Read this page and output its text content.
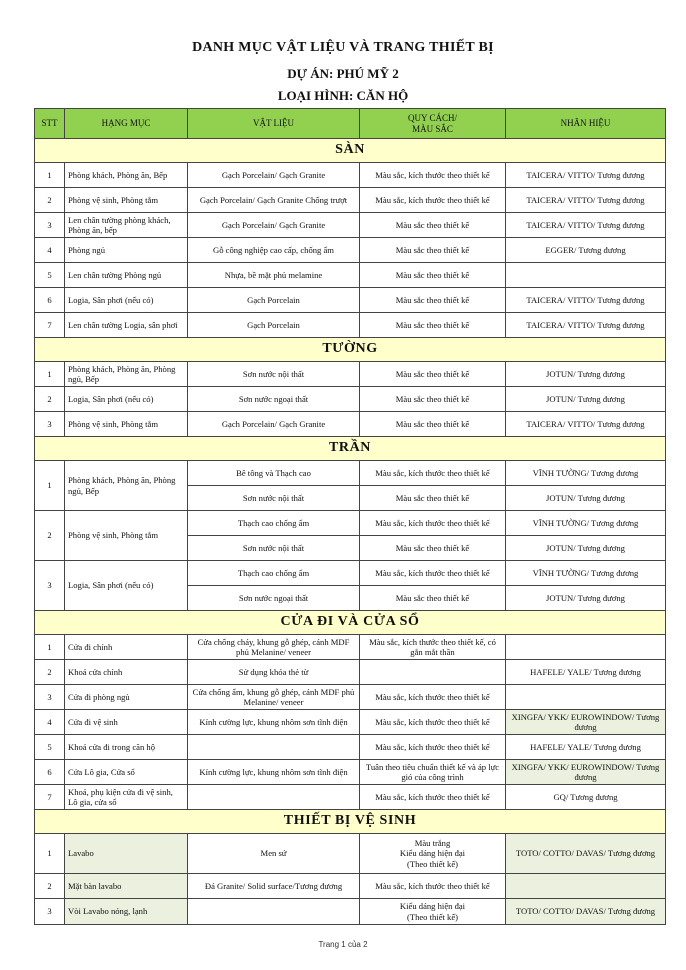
DANH MỤC VẬT LIỆU VÀ TRANG THIẾT BỊ
DỰ ÁN: PHÚ MỸ 2
LOẠI HÌNH: CĂN HỘ
STT	HẠNG MỤC	VẬT LIỆU	QUY CÁCH/
MÀU SẮC	NHÃN HIỆU
SÀN				
1	Phòng khách, Phòng ăn, Bếp	Gạch Porcelain/ Gạch Granite	Màu sắc, kích thước theo thiết kế	TAICERA/ VITTO/ Tương đương
2	Phòng vệ sinh, Phòng tắm	Gạch Porcelain/ Gạch Granite Chống trượt	Màu sắc, kích thước theo thiết kế	TAICERA/ VITTO/ Tương đương
3	Len chân tường phòng khách, Phòng ăn, bếp	Gạch Porcelain/ Gạch Granite	Màu sắc theo thiết kế	TAICERA/ VITTO/ Tương đương
4	Phòng ngủ	Gỗ công nghiệp cao cấp, chống ẩm	Màu sắc theo thiết kế	EGGER/ Tương đương
5	Len chân tường Phòng ngủ	Nhựa, bề mặt phủ melamine	Màu sắc theo thiết kế	
6	Logia, Sân phơi (nếu có)	Gạch Porcelain	Màu sắc theo thiết kế	TAICERA/ VITTO/ Tương đương
7	Len chân tường Logia, sân phơi	Gạch Porcelain	Màu sắc theo thiết kế	TAICERA/ VITTO/ Tương đương
TƯỜNG				
1	Phòng khách, Phòng ăn, Phòng ngủ, Bếp	Sơn nước nội thất	Màu sắc theo thiết kế	JOTUN/ Tương đương
2	Logia, Sân phơi (nếu có)	Sơn nước ngoại thất	Màu sắc theo thiết kế	JOTUN/ Tương đương
3	Phòng vệ sinh, Phòng tắm	Gạch Porcelain/ Gạch Granite	Màu sắc theo thiết kế	TAICERA/ VITTO/ Tương đương
TRẦN				
1	Phòng khách, Phòng ăn, Phòng ngủ, Bếp	Bê tông và Thạch cao	Màu sắc, kích thước theo thiết kế	VĨNH TƯỜNG/ Tương đương
		Sơn nước nội thất	Màu sắc theo thiết kế	JOTUN/ Tương đương
2	Phòng vệ sinh, Phòng tắm	Thạch cao chống ẩm	Màu sắc, kích thước theo thiết kế	VĨNH TƯỜNG/ Tương đương
		Sơn nước nội thất	Màu sắc theo thiết kế	JOTUN/ Tương đương
3	Logia, Sân phơi (nếu có)	Thạch cao chống ẩm	Màu sắc, kích thước theo thiết kế	VĨNH TƯỜNG/ Tương đương
		Sơn nước ngoại thất	Màu sắc theo thiết kế	JOTUN/ Tương đương
CỬA ĐI VÀ CỬA SỔ				
1	Cửa đi chính	Cửa chống cháy, khung gỗ ghép, cánh MDF phủ Melanine/ veneer	Màu sắc, kích thước theo thiết kế, có gắn mắt thần	
2	Khoá cửa chính	Sử dụng khóa thẻ từ		HAFELE/ YALE/ Tương đương
3	Cửa đi phòng ngủ	Cửa chống ẩm, khung gỗ ghép, cánh MDF phủ Melanine/ veneer	Màu sắc, kích thước theo thiết kế	
4	Cửa đi vệ sinh	Kính cường lực, khung nhôm sơn tĩnh điện	Màu sắc, kích thước theo thiết kế	XINGFA/ YKK/ EUROWINDOW/ Tương đương
5	Khoá cửa đi trong căn hộ		Màu sắc, kích thước theo thiết kế	HAFELE/ YALE/ Tương đương
6	Cửa Lô gia, Cửa sổ	Kính cường lực, khung nhôm sơn tĩnh điện	Tuân theo tiêu chuẩn thiết kế và áp lực gió của công trình	XINGFA/ YKK/ EUROWINDOW/ Tương đương
7	Khoá, phụ kiện cửa đi vệ sinh, Lô gia, cửa sổ		Màu sắc, kích thước theo thiết kế	GQ/ Tương đương
THIẾT BỊ VỆ SINH				
1	Lavabo	Men sứ	Màu trắng
Kiểu dáng hiện đại
(Theo thiết kế)	TOTO/ COTTO/ DAVAS/ Tương đương
2	Mặt bàn lavabo	Đá Granite/ Solid surface/Tương đương	Màu sắc, kích thước theo thiết kế	
3	Vòi Lavabo nóng, lạnh		Kiểu dáng hiện đại
(Theo thiết kế)	TOTO/ COTTO/ DAVAS/ Tương đương
Trang 1 của 2
